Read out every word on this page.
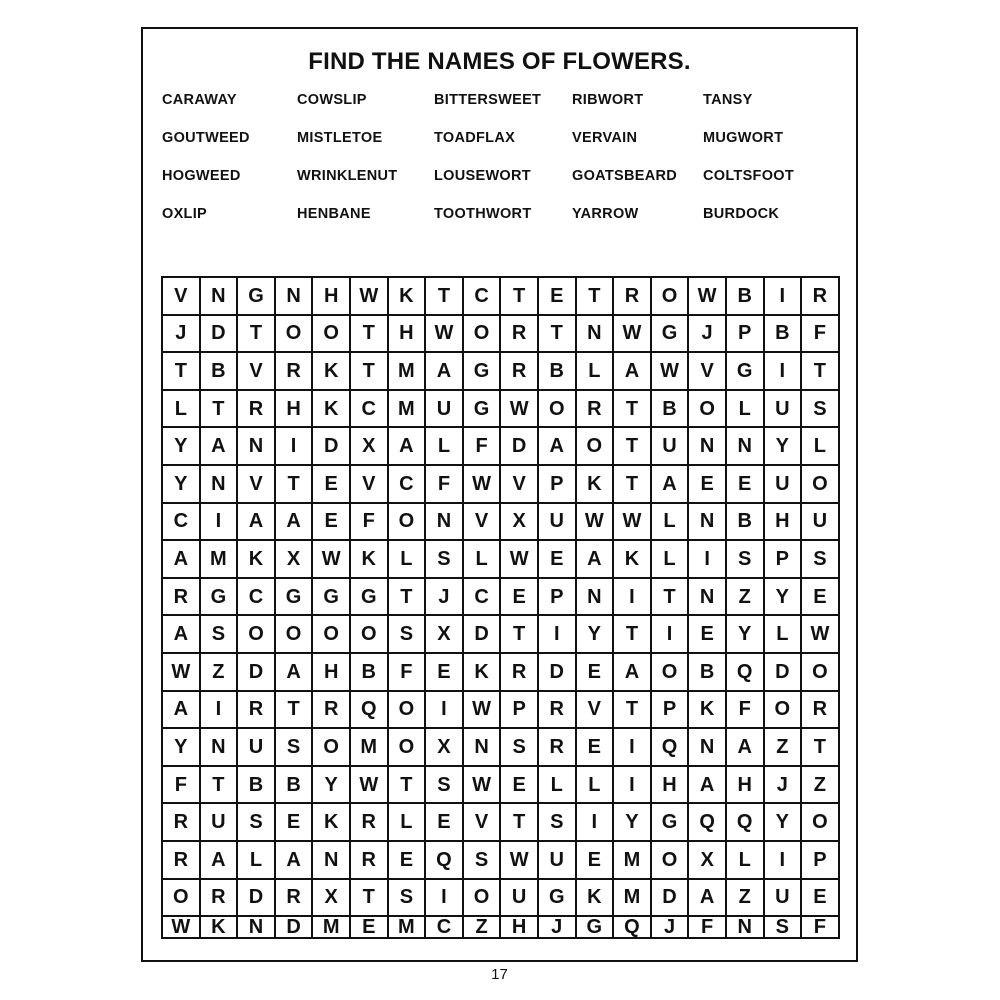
FIND THE NAMES OF FLOWERS.
CARAWAY	COWSLIP	BITTERSWEET RIBWORT	TANSY
GOUTWEED	MISTLETOE	TOADFLAX	VERVAIN	MUGWORT
HOGWEED	WRINKLENUT	LOUSEWORT	GOATSBEARD COLTSFOOT
OXLIP	HENBANE	TOOTHWORT	YARROW	BURDOCK
V	N	G	N	H	W	K	T	C	T	E	T	R	O	W	B	I	R
J	D	T	O	O	T	H	W	O	R	T	N	W	G	J	P	B	F
T	B	V	R	K	T	M	A	G	R	B	L	A	W	V	G	I	T
L	T	R	H	K	C	M	U	G	W	O	R	T	B	O	L	U	S
Y	A	N	I	D	X	A	L	F	D	A	O	T	U	N	N	Y	L
Y	N	V	T	E	V	C	F	W	V	P	K	T	A	E	E	U	O
C	I	A	A	E	F	O	N	V	X	U	W W	L	N	B	H	U
A	M	K	X	W	K	L	S	L	W	E	A	K	L	I	S	P	S
R	G	C	G	G	G	T	J	C	E	P	N	I	T	N	Z	Y	E
A	S	O	O	O	O	S	X	D	T	I	Y	T	I	E	Y	L	W
W	Z	D	A	H	B	F	E	K	R	D	E	A	O	B	Q	D	O
A	I	R	T	R	Q	O	I	W	P	R	V	T	P	K	F	O	R
Y	N	U	S	O	M	O	X	N	S	R	E	I	Q	N	A	Z	T
F	T	B	B	Y	W	T	S	W	E	L	L	I	H	A	H	J	Z
R	U	S	E	K	R	L	E	V	T	S	I	Y	G	Q	Q	Y	O
R	A	L	A	N	R	E	Q	S	W	U	E	M	O	X	L	I	P
O	R	D	R	X	T	S	I	O	U	G	K	M	D	A	Z	U	E
W	K	N	D	M	E	M	C	Z	H	J	G	Q	J	F	N	S	F
17
